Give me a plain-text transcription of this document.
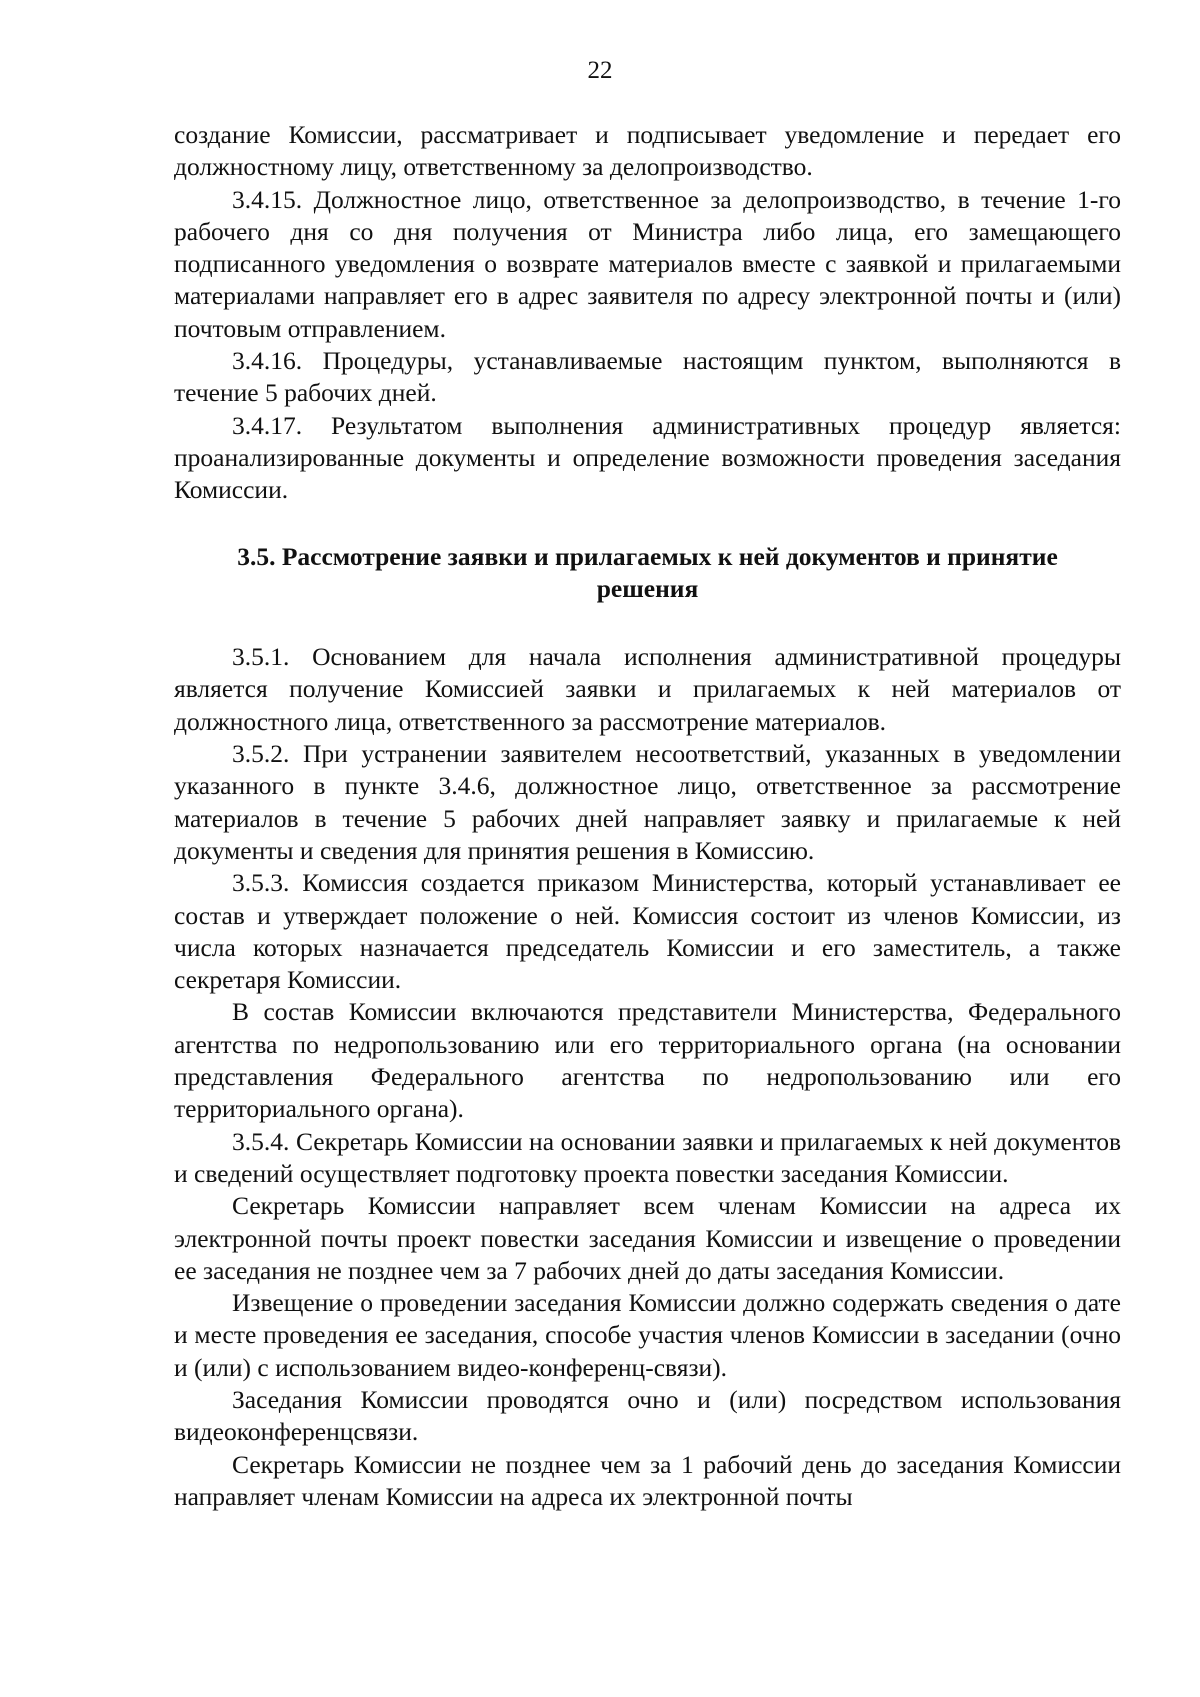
22

создание Комиссии, рассматривает и подписывает уведомление и передает его должностному лицу, ответственному за делопроизводство.

3.4.15. Должностное лицо, ответственное за делопроизводство, в течение 1-го рабочего дня со дня получения от Министра либо лица, его замещающего подписанного уведомления о возврате материалов вместе с заявкой и прилагаемыми материалами направляет его в адрес заявителя по адресу электронной почты и (или) почтовым отправлением.

3.4.16. Процедуры, устанавливаемые настоящим пунктом, выполняются в течение 5 рабочих дней.

3.4.17. Результатом выполнения административных процедур является: проанализированные документы и определение возможности проведения заседания Комиссии.

3.5. Рассмотрение заявки и прилагаемых к ней документов и принятие решения

3.5.1. Основанием для начала исполнения административной процедуры является получение Комиссией заявки и прилагаемых к ней материалов от должностного лица, ответственного за рассмотрение материалов.

3.5.2. При устранении заявителем несоответствий, указанных в уведомлении указанного в пункте 3.4.6, должностное лицо, ответственное за рассмотрение материалов в течение 5 рабочих дней направляет заявку и прилагаемые к ней документы и сведения для принятия решения в Комиссию.

3.5.3. Комиссия создается приказом Министерства, который устанавливает ее состав и утверждает положение о ней. Комиссия состоит из членов Комиссии, из числа которых назначается председатель Комиссии и его заместитель, а также секретаря Комиссии.

В состав Комиссии включаются представители Министерства, Федерального агентства по недропользованию или его территориального органа (на основании представления Федерального агентства по недропользованию или его территориального органа).

3.5.4. Секретарь Комиссии на основании заявки и прилагаемых к ней документов и сведений осуществляет подготовку проекта повестки заседания Комиссии.

Секретарь Комиссии направляет всем членам Комиссии на адреса их электронной почты проект повестки заседания Комиссии и извещение о проведении ее заседания не позднее чем за 7 рабочих дней до даты заседания Комиссии.

Извещение о проведении заседания Комиссии должно содержать сведения о дате и месте проведения ее заседания, способе участия членов Комиссии в заседании (очно и (или) с использованием видео-конференц-связи).

Заседания Комиссии проводятся очно и (или) посредством использования видеоконференцсвязи.

Секретарь Комиссии не позднее чем за 1 рабочий день до заседания Комиссии направляет членам Комиссии на адреса их электронной почты
